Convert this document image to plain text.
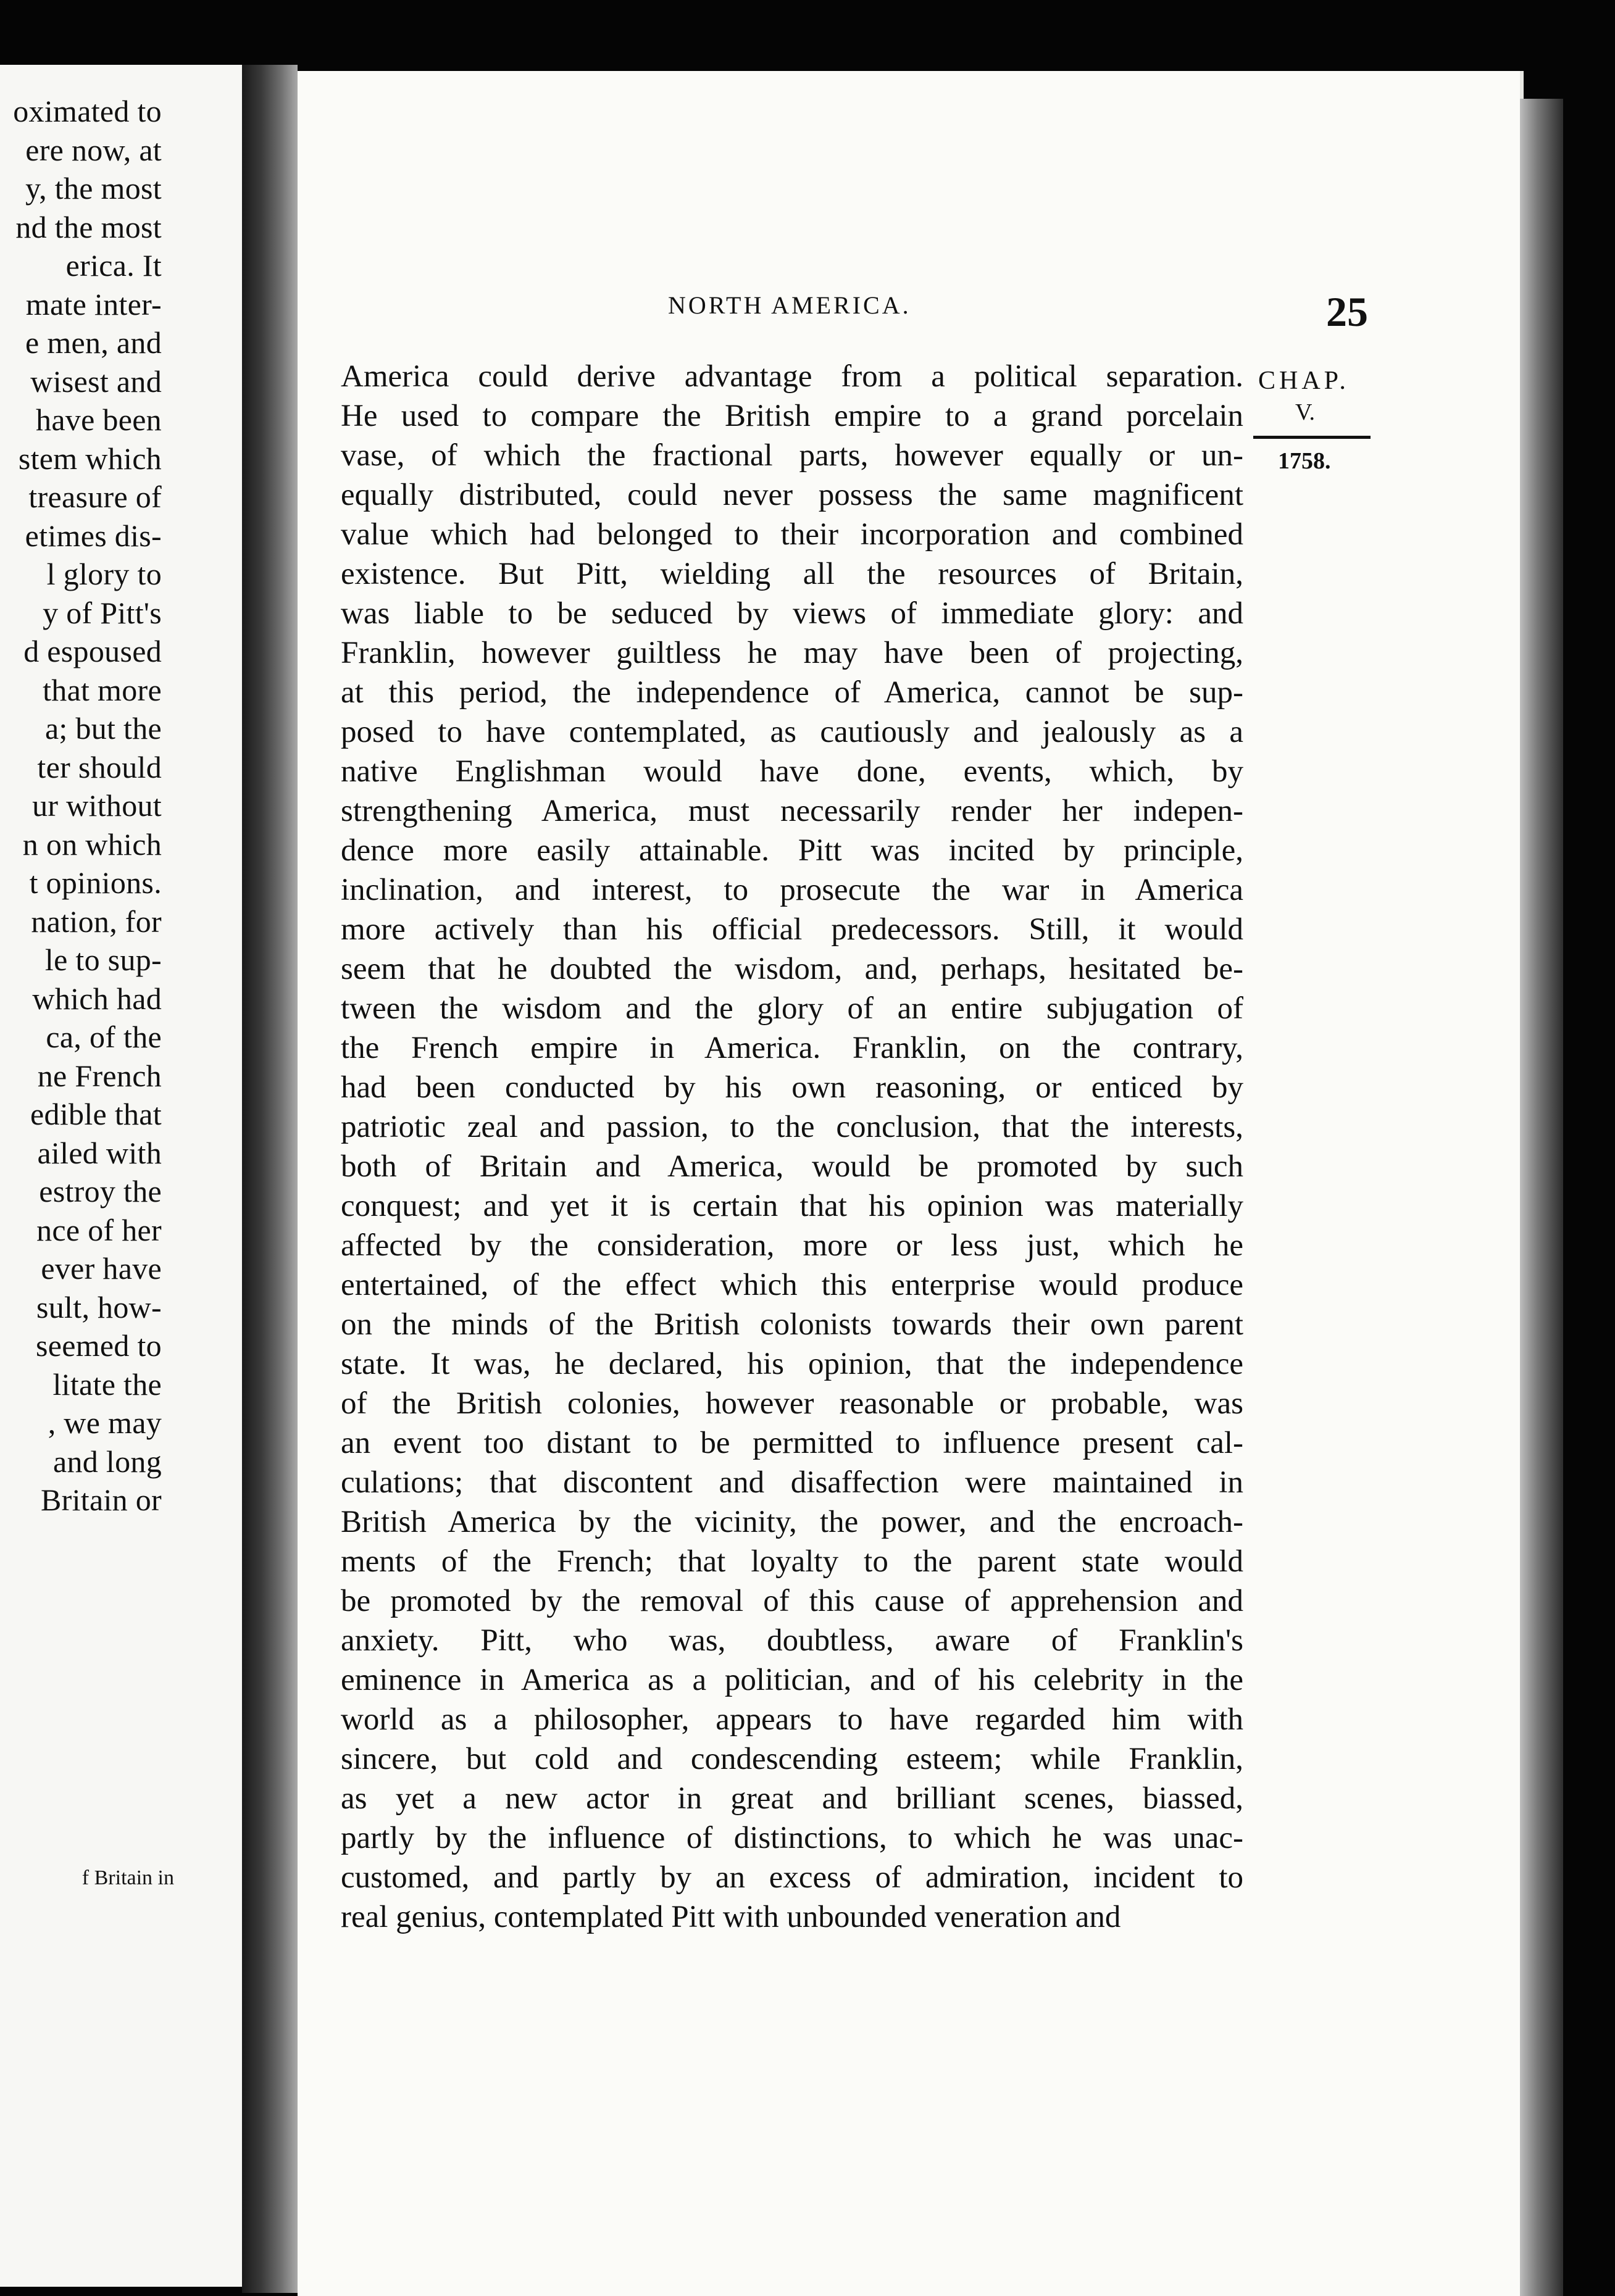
oximated to
ere now, at
y, the most
nd the most
erica. It
mate inter-
e men, and
wisest and
have been
stem which
treasure of
etimes dis-
l glory to
y of Pitt's
d espoused
that more
a; but the
ter should
ur without
n on which
t opinions.
nation, for
le to sup-
which had
ca, of the
ne French
edible that
ailed with
estroy the
nce of her
ever have
sult, how-
seemed to
litate the
, we may
and long
Britain or
f Britain in
NORTH AMERICA.	25
CHAP.
V.
1758.
America could derive advantage from a political separation.
He used to compare the British empire to a grand porcelain
vase, of which the fractional parts, however equally or un-
equally distributed, could never possess the same magnificent
value which had belonged to their incorporation and combined
existence. But Pitt, wielding all the resources of Britain,
was liable to be seduced by views of immediate glory: and
Franklin, however guiltless he may have been of projecting,
at this period, the independence of America, cannot be sup-
posed to have contemplated, as cautiously and jealously as a
native Englishman would have done, events, which, by
strengthening America, must necessarily render her indepen-
dence more easily attainable. Pitt was incited by principle,
inclination, and interest, to prosecute the war in America
more actively than his official predecessors. Still, it would
seem that he doubted the wisdom, and, perhaps, hesitated be-
tween the wisdom and the glory of an entire subjugation of
the French empire in America. Franklin, on the contrary,
had been conducted by his own reasoning, or enticed by
patriotic zeal and passion, to the conclusion, that the interests,
both of Britain and America, would be promoted by such
conquest; and yet it is certain that his opinion was materially
affected by the consideration, more or less just, which he
entertained, of the effect which this enterprise would produce
on the minds of the British colonists towards their own parent
state. It was, he declared, his opinion, that the independence
of the British colonies, however reasonable or probable, was
an event too distant to be permitted to influence present cal-
culations; that discontent and disaffection were maintained in
British America by the vicinity, the power, and the encroach-
ments of the French; that loyalty to the parent state would
be promoted by the removal of this cause of apprehension and
anxiety. Pitt, who was, doubtless, aware of Franklin's
eminence in America as a politician, and of his celebrity in the
world as a philosopher, appears to have regarded him with
sincere, but cold and condescending esteem; while Franklin,
as yet a new actor in great and brilliant scenes, biassed,
partly by the influence of distinctions, to which he was unac-
customed, and partly by an excess of admiration, incident to
real genius, contemplated Pitt with unbounded veneration and
